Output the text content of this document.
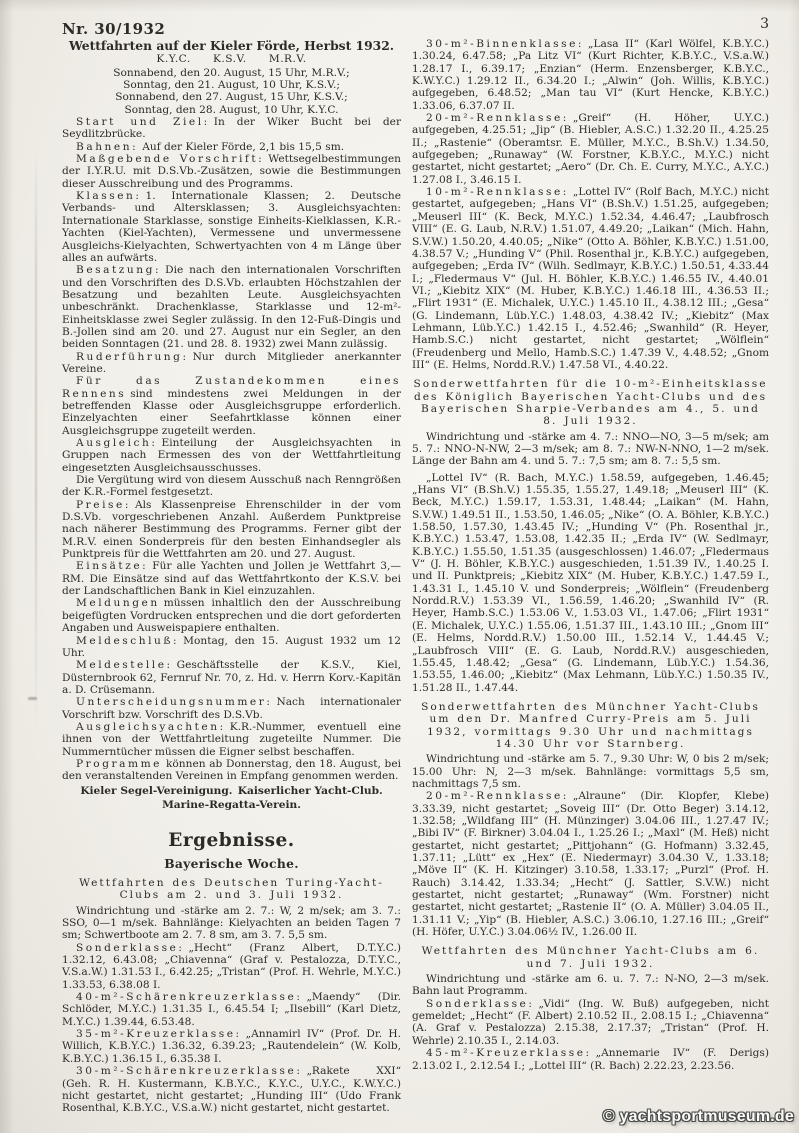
Nr. 30/1932	3

Wettfahrten auf der Kieler Förde, Herbst 1932.

K.Y.C.  K.S.V.  M.R.V.

Sonnabend, den 20. August, 15 Uhr, M.R.V.;

Sonntag, den 21. August, 10 Uhr, K.S.V.;

Sonnabend, den 27. August, 15 Uhr, K.S.V.;

Sonntag, den 28. August, 10 Uhr, K.Y.C.

Start und Ziel: In der Wiker Bucht bei der Seydlitzbrücke.

Bahnen: Auf der Kieler Förde, 2,1 bis 15,5 sm.

Maßgebende Vorschrift: Wettsegelbestimmungen der I.Y.R.U. mit D.S.Vb.-Zusätzen, sowie die Bestimmungen dieser Ausschreibung und des Programms.

Klassen: 1. Internationale Klassen; 2. Deutsche Verbands- und Altersklassen; 3. Ausgleichsyachten: Internationale Starklasse, sonstige Einheits-Kielklassen, K.R.-Yachten (Kiel-Yachten), Vermessene und unvermessene Ausgleichs-Kielyachten, Schwertyachten von 4 m Länge über alles an aufwärts.

Besatzung: Die nach den internationalen Vorschriften und den Vorschriften des D.S.Vb. erlaubten Höchstzahlen der Besatzung und bezahlten Leute. Ausgleichsyachten unbeschränkt. Drachenklasse, Starklasse und 12-m²-Einheitsklasse zwei Segler zulässig. In den 12-Fuß-Dingis und B.-Jollen sind am 20. und 27. August nur ein Segler, an den beiden Sonntagen (21. und 28. 8. 1932) zwei Mann zulässig.

Ruderführung: Nur durch Mitglieder anerkannter Vereine.

Für das Zustandekommen eines Rennens sind mindestens zwei Meldungen in der betreffenden Klasse oder Ausgleichsgruppe erforderlich. Einzelyachten einer Seefahrtklasse können einer Ausgleichsgruppe zugeteilt werden.

Ausgleich: Einteilung der Ausgleichsyachten in Gruppen nach Ermessen des von der Wettfahrtleitung eingesetzten Ausgleichsausschusses.

Die Vergütung wird von diesem Ausschuß nach Renngrößen der K.R.-Formel festgesetzt.

Preise: Als Klassenpreise Ehrenschilder in der vom D.S.Vb. vorgeschriebenen Anzahl. Außerdem Punktpreise nach näherer Bestimmung des Programms. Ferner gibt der M.R.V. einen Sonderpreis für den besten Einhandsegler als Punktpreis für die Wettfahrten am 20. und 27. August.

Einsätze: Für alle Yachten und Jollen je Wettfahrt 3,— RM. Die Einsätze sind auf das Wettfahrtkonto der K.S.V. bei der Landschaftlichen Bank in Kiel einzuzahlen.

Meldungen müssen inhaltlich den der Ausschreibung beigefügten Vordrucken entsprechen und die dort geforderten Angaben und Ausweispapiere enthalten.

Meldeschluß: Montag, den 15. August 1932 um 12 Uhr.

Meldestelle: Geschäftsstelle der K.S.V., Kiel, Düsternbrook 62, Fernruf Nr. 70, z. Hd. v. Herrn Korv.-Kapitän a. D. Crüsemann.

Unterscheidungsnummer: Nach internationaler Vorschrift bzw. Vorschrift des D.S.Vb.

Ausgleichsyachten: K.R.-Nummer, eventuell eine ihnen von der Wettfahrtleitung zugeteilte Nummer. Die Nummerntücher müssen die Eigner selbst beschaffen.

Programme können ab Donnerstag, den 18. August, bei den veranstaltenden Vereinen in Empfang genommen werden.

Kieler Segel-Vereinigung. Kaiserlicher Yacht-Club.

Marine-Regatta-Verein.

Ergebnisse.

Bayerische Woche.

Wettfahrten des Deutschen Turing-Yacht-Clubs am 2. und 3. Juli 1932.

Windrichtung und -stärke am 2. 7.: W, 2 m/sek; am 3. 7.: SSO, 0—1 m/sek. Bahnlänge: Kielyachten an beiden Tagen 7 sm; Schwertboote am 2. 7. 8 sm, am 3. 7. 5,5 sm.

Sonderklasse: „Hecht“ (Franz Albert, D.T.Y.C.) 1.32.12, 6.43.08; „Chiavenna“ (Graf v. Pestalozza, D.T.Y.C., V.S.a.W.) 1.31.53 I., 6.42.25; „Tristan“ (Prof. H. Wehrle, M.Y.C.) 1.33.53, 6.38.08 I.

40-m²-Schärenkreuzerklasse: „Maendy“ (Dir. Schlöder, M.Y.C.) 1.31.35 I., 6.45.54 I; „Ilsebill“ (Karl Dietz, M.Y.C.) 1.39.44, 6.53.48.

35-m²-Kreuzerklasse: „Annamirl IV“ (Prof. Dr. H. Willich, K.B.Y.C.) 1.36.32, 6.39.23; „Rautendelein“ (W. Kolb, K.B.Y.C.) 1.36.15 I., 6.35.38 I.

30-m²-Schärenkreuzerklasse: „Rakete XXI“ (Geh. R. H. Kustermann, K.B.Y.C., K.Y.C., U.Y.C., K.W.Y.C.) nicht gestartet, nicht gestartet; „Hunding III“ (Udo Frank Rosenthal, K.B.Y.C., V.S.a.W.) nicht gestartet, nicht gestartet.

30-m²-Binnenklasse: „Lasa II“ (Karl Wölfel, K.B.Y.C.) 1.30.24, 6.47.58; „Pa Litz VI“ (Kurt Richter, K.B.Y.C., V.S.a.W.) 1.28.17 I., 6.39.17; „Enzian“ (Herm. Enzensberger, K.B.Y.C., K.W.Y.C.) 1.29.12 II., 6.34.20 I.; „Alwin“ (Joh. Willis, K.B.Y.C.) aufgegeben, 6.48.52; „Man tau VI“ (Kurt Hencke, K.B.Y.C.) 1.33.06, 6.37.07 II.

20-m²-Rennklasse: „Greif“ (H. Höher, U.Y.C.) aufgegeben, 4.25.51; „Jip“ (B. Hiebler, A.S.C.) 1.32.20 II., 4.25.25 II.; „Rastenie“ (Oberamtsr. E. Müller, M.Y.C., B.Sh.V.) 1.34.50, aufgegeben; „Runaway“ (W. Forstner, K.B.Y.C., M.Y.C.) nicht gestartet, nicht gestartet; „Aero“ (Dr. Ch. E. Curry, M.Y.C., A.Y.C.) 1.27.08 I., 3.46.15 I.

10-m²-Rennklasse: „Lottel IV“ (Rolf Bach, M.Y.C.) nicht gestartet, aufgegeben; „Hans VI“ (B.Sh.V.) 1.51.25, aufgegeben; „Meuserl III“ (K. Beck, M.Y.C.) 1.52.34, 4.46.47; „Laubfrosch VIII“ (E. G. Laub, N.R.V.) 1.51.07, 4.49.20; „Laikan“ (Mich. Hahn, S.V.W.) 1.50.20, 4.40.05; „Nike“ (Otto A. Böhler, K.B.Y.C.) 1.51.00, 4.38.57 V.; „Hunding V“ (Phil. Rosenthal jr., K.B.Y.C.) aufgegeben, aufgegeben; „Erda IV“ (Wilh. Sedlmayr, K.B.Y.C.) 1.50.51, 4.33.44 I.; „Fledermaus V“ (Jul. H. Böhler, K.B.Y.C.) 1.46.55 IV., 4.40.01 VI.; „Kiebitz XIX“ (M. Huber, K.B.Y.C.) 1.46.18 III., 4.36.53 II.; „Flirt 1931“ (E. Michalek, U.Y.C.) 1.45.10 II., 4.38.12 III.; „Gesa“ (G. Lindemann, Lüb.Y.C.) 1.48.03, 4.38.42 IV.; „Kiebitz“ (Max Lehmann, Lüb.Y.C.) 1.42.15 I., 4.52.46; „Swanhild“ (R. Heyer, Hamb.S.C.) nicht gestartet, nicht gestartet; „Wölflein“ (Freudenberg und Mello, Hamb.S.C.) 1.47.39 V., 4.48.52; „Gnom III“ (E. Helms, Nordd.R.V.) 1.47.58 VI., 4.40.22.

Sonderwettfahrten für die 10-m²-Einheitsklasse des Königlich Bayerischen Yacht-Clubs und des Bayerischen Sharpie-Verbandes am 4., 5. und 8. Juli 1932.

Windrichtung und -stärke am 4. 7.: NNO—NO, 3—5 m/sek; am 5. 7.: NNO-N-NW, 2—3 m/sek; am 8. 7.: NW-N-NNO, 1—2 m/sek. Länge der Bahn am 4. und 5. 7.: 7,5 sm; am 8. 7.: 5,5 sm.

„Lottel IV“ (R. Bach, M.Y.C.) 1.58.59, aufgegeben, 1.46.45; „Hans VI“ (B.Sh.V.) 1.55.35, 1.55.27, 1.49.18; „Meuserl III“ (K. Beck, M.Y.C.) 1.59.17, 1.53.31, 1.48.44; „Laikan“ (M. Hahn, S.V.W.) 1.49.51 II., 1.53.50, 1.46.05; „Nike“ (O. A. Böhler, K.B.Y.C.) 1.58.50, 1.57.30, 1.43.45 IV.; „Hunding V“ (Ph. Rosenthal jr., K.B.Y.C.) 1.53.47, 1.53.08, 1.42.35 II.; „Erda IV“ (W. Sedlmayr, K.B.Y.C.) 1.55.50, 1.51.35 (ausgeschlossen) 1.46.07; „Fledermaus V“ (J. H. Böhler, K.B.Y.C.) ausgeschieden, 1.51.39 IV., 1.40.25 I. und II. Punktpreis; „Kiebitz XIX“ (M. Huber, K.B.Y.C.) 1.47.59 I., 1.43.31 I., 1.45.10 V. und Sonderpreis; „Wölflein“ (Freudenberg Nordd.R.V.) 1.53.39 VI., 1.56.59, 1.46.20; „Swanhild IV“ (R. Heyer, Hamb.S.C.) 1.53.06 V., 1.53.03 VI., 1.47.06; „Flirt 1931“ (E. Michalek, U.Y.C.) 1.55.06, 1.51.37 III., 1.43.10 III.; „Gnom III“ (E. Helms, Nordd.R.V.) 1.50.00 III., 1.52.14 V., 1.44.45 V.; „Laubfrosch VIII“ (E. G. Laub, Nordd.R.V.) ausgeschieden, 1.55.45, 1.48.42; „Gesa“ (G. Lindemann, Lüb.Y.C.) 1.54.36, 1.53.55, 1.46.00; „Kiebitz“ (Max Lehmann, Lüb.Y.C.) 1.50.35 IV., 1.51.28 II., 1.47.44.

Sonderwettfahrten des Münchner Yacht-Clubs um den Dr. Manfred Curry-Preis am 5. Juli 1932, vormittags 9.30 Uhr und nachmittags 14.30 Uhr vor Starnberg.

Windrichtung und -stärke am 5. 7., 9.30 Uhr: W, 0 bis 2 m/sek; 15.00 Uhr: N, 2—3 m/sek. Bahnlänge: vormittags 5,5 sm, nachmittags 7,5 sm.

20-m²-Rennklasse: „Alraune“ (Dir. Klopfer, Klebe) 3.33.39, nicht gestartet; „Soveig III“ (Dr. Otto Beger) 3.14.12, 1.32.58; „Wildfang III“ (H. Münzinger) 3.04.06 III., 1.27.47 IV.; „Bibi IV“ (F. Birkner) 3.04.04 I., 1.25.26 I.; „Maxl“ (M. Heß) nicht gestartet, nicht gestartet; „Pittjohann“ (G. Hofmann) 3.32.45, 1.37.11; „Lütt“ ex „Hex“ (E. Niedermayr) 3.04.30 V., 1.33.18; „Möve II“ (K. H. Kitzinger) 3.10.58, 1.33.17; „Purzl“ (Prof. H. Rauch) 3.14.42, 1.33.34; „Hecht“ (J. Sattler, S.V.W.) nicht gestartet, nicht gestartet; „Runaway“ (Wm. Forstner) nicht gestartet, nicht gestartet; „Rastenie II“ (O. A. Müller) 3.04.05 II., 1.31.11 V.; „Yip“ (B. Hiebler, A.S.C.) 3.06.10, 1.27.16 III.; „Greif“ (H. Höfer, U.Y.C.) 3.04.06½ IV., 1.26.00 II.

Wettfahrten des Münchner Yacht-Clubs am 6. und 7. Juli 1932.

Windrichtung und -stärke am 6. u. 7. 7.: N-NO, 2—3 m/sek. Bahn laut Programm.

Sonderklasse: „Vidi“ (Ing. W. Buß) aufgegeben, nicht gemeldet; „Hecht“ (F. Albert) 2.10.52 II., 2.08.15 I.; „Chiavenna“ (A. Graf v. Pestalozza) 2.15.38, 2.17.37; „Tristan“ (Prof. H. Wehrle) 2.10.35 I., 2.14.03.

45-m²-Kreuzerklasse: „Annemarie IV“ (F. Derigs) 2.13.02 I., 2.12.54 I.; „Lottel III“ (R. Bach) 2.22.23, 2.23.56.

© yachtsportmuseum.de
